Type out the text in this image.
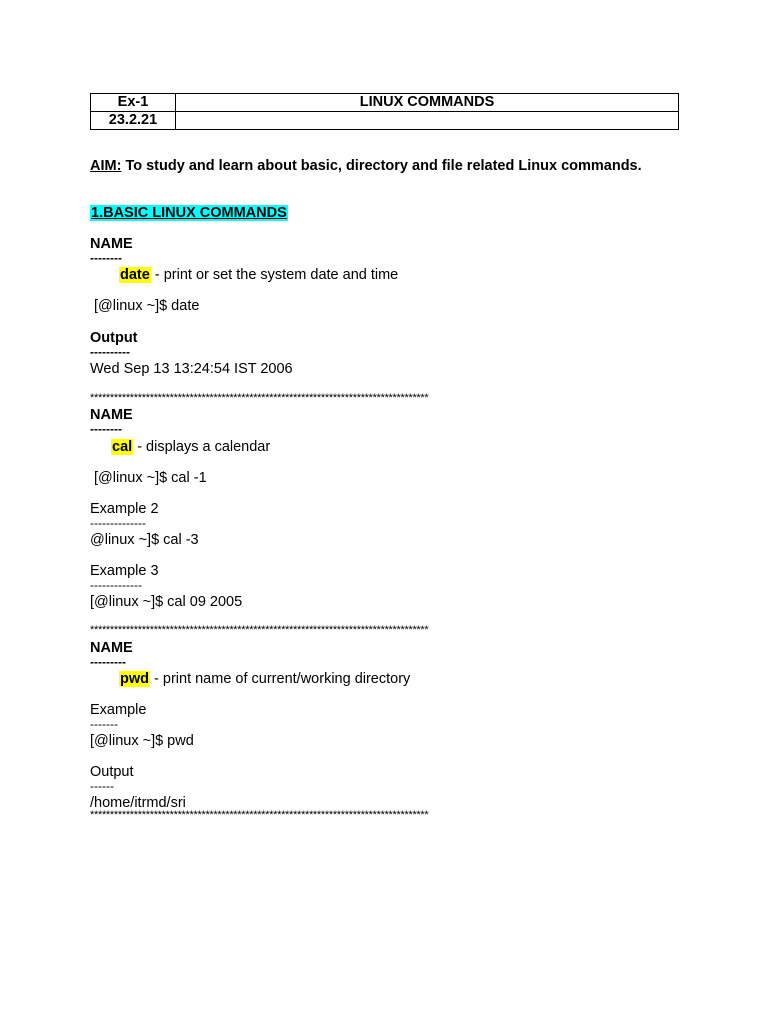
Ex-1	LINUX COMMANDS
23.2.21	
AIM: To study and learn about basic, directory and file related Linux commands.
1.BASIC LINUX COMMANDS
NAME
--------
date - print or set the system date and time
[@linux ~]$ date
Output
----------
Wed Sep 13 13:24:54 IST 2006
*************************************************************************************
NAME
--------
cal - displays a calendar
[@linux ~]$ cal -1
Example 2
--------------
@linux ~]$ cal -3
Example 3
-------------
[@linux ~]$ cal 09 2005
*************************************************************************************
NAME
---------
pwd - print name of current/working directory
Example
-------
[@linux ~]$ pwd
Output
------
/home/itrmd/sri
*************************************************************************************
